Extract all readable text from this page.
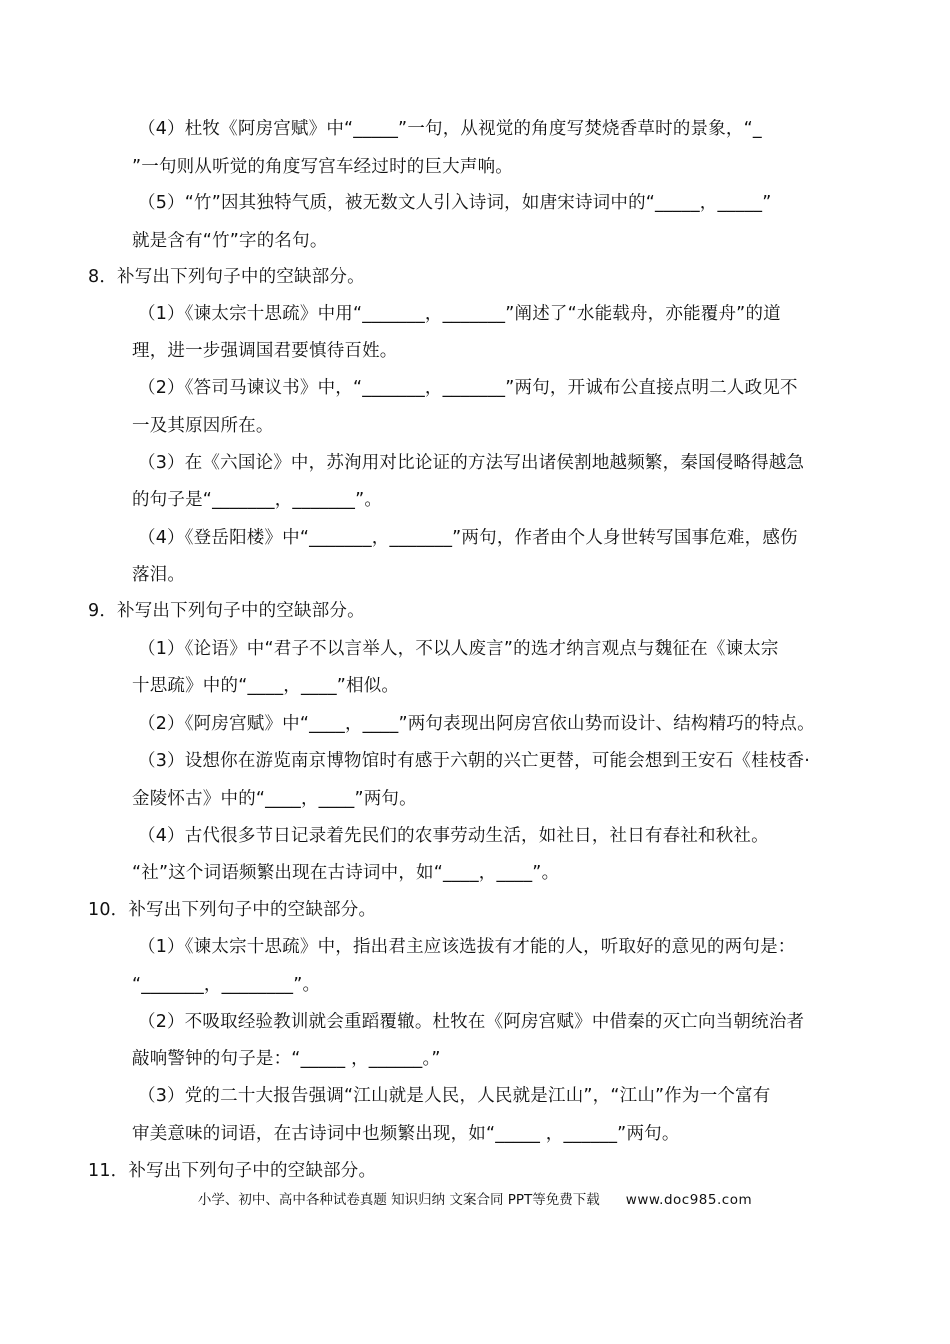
（4）杜牧《阿房宫赋》中“_____”一句，从视觉的角度写焚烧香草时的景象，“_
”一句则从听觉的角度写宫车经过时的巨大声响。
（5）“竹”因其独特气质，被无数文人引入诗词，如唐宋诗词中的“_____，_____”
就是含有“竹”字的名句。
8．补写出下列句子中的空缺部分。
（1）《谏太宗十思疏》中用“_______，_______”阐述了“水能载舟，亦能覆舟”的道
理，进一步强调国君要慎待百姓。
（2）《答司马谏议书》中，“_______，_______”两句，开诚布公直接点明二人政见不
一及其原因所在。
（3）在《六国论》中，苏洵用对比论证的方法写出诸侯割地越频繁，秦国侵略得越急
的句子是“_______，_______”。
（4）《登岳阳楼》中“_______，_______”两句，作者由个人身世转写国事危难，感伤
落泪。
9．补写出下列句子中的空缺部分。
（1）《论语》中“君子不以言举人，不以人废言”的选才纳言观点与魏征在《谏太宗
十思疏》中的“____，____”相似。
（2）《阿房宫赋》中“____，____”两句表现出阿房宫依山势而设计、结构精巧的特点。
（3）设想你在游览南京博物馆时有感于六朝的兴亡更替，可能会想到王安石《桂枝香·
金陵怀古》中的“____，____”两句。
（4）古代很多节日记录着先民们的农事劳动生活，如社日，社日有春社和秋社。
“社”这个词语频繁出现在古诗词中，如“____，____”。
10．补写出下列句子中的空缺部分。
（1）《谏太宗十思疏》中，指出君主应该选拔有才能的人，听取好的意见的两句是：
“_______，________”。
（2）不吸取经验教训就会重蹈覆辙。杜牧在《阿房宫赋》中借秦的灭亡向当朝统治者
敲响警钟的句子是：“_____ ，______。”
（3）党的二十大报告强调“江山就是人民，人民就是江山”，“江山”作为一个富有
审美意味的词语，在古诗词中也频繁出现，如“_____ ，______”两句。
11．补写出下列句子中的空缺部分。
小学、初中、高中各种试卷真题 知识归纳 文案合同 PPT等免费下载 www.doc985.com
